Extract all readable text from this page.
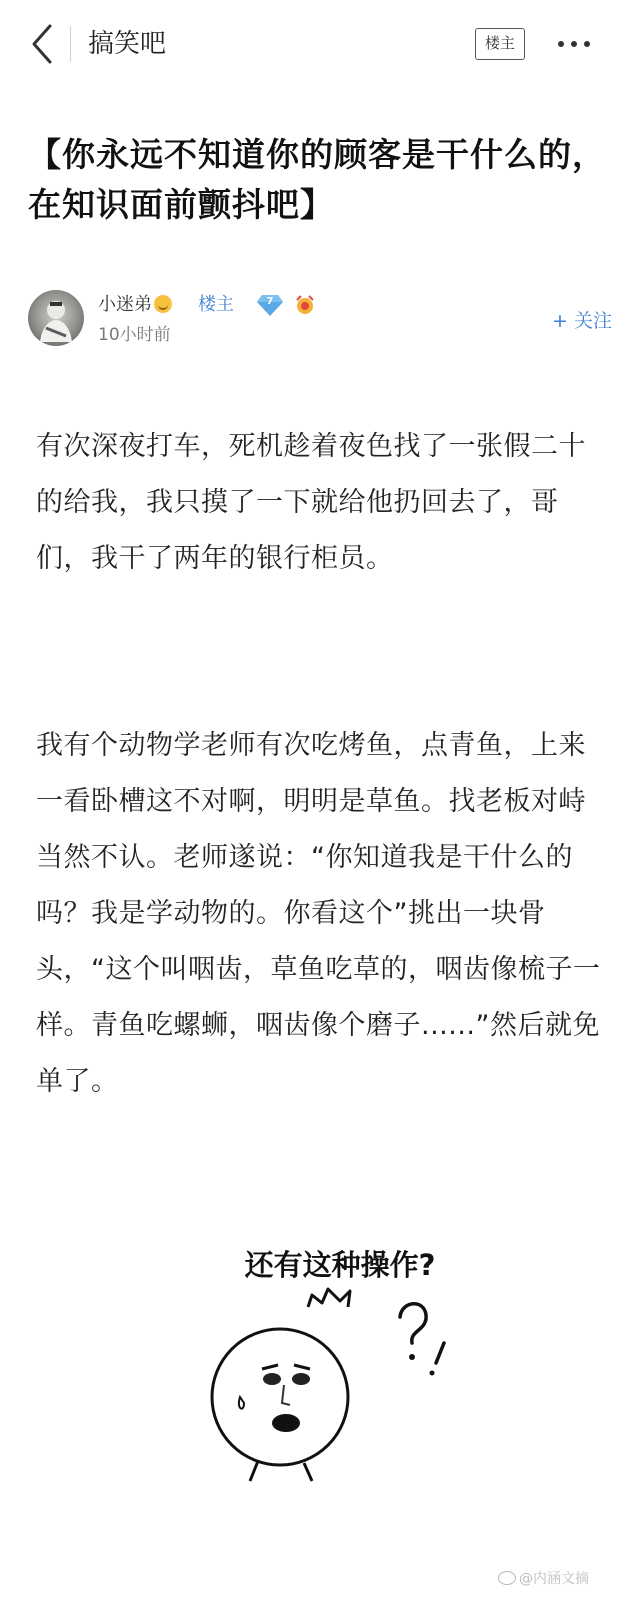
搞笑吧	楼主
【你永远不知道你的顾客是干什么的，在知识面前颤抖吧】
小迷弟	楼主	7
10小时前
+ 关注

有次深夜打车，死机趁着夜色找了一张假二十的给我，我只摸了一下就给他扔回去了，哥们，我干了两年的银行柜员。

我有个动物学老师有次吃烤鱼，点青鱼，上来一看卧槽这不对啊，明明是草鱼。找老板对峙当然不认。老师遂说：“你知道我是干什么的吗？我是学动物的。你看这个”挑出一块骨头，“这个叫咽齿，草鱼吃草的，咽齿像梳子一样。青鱼吃螺蛳，咽齿像个磨子......”然后就免单了。

还有这种操作?
@内涵文摘
